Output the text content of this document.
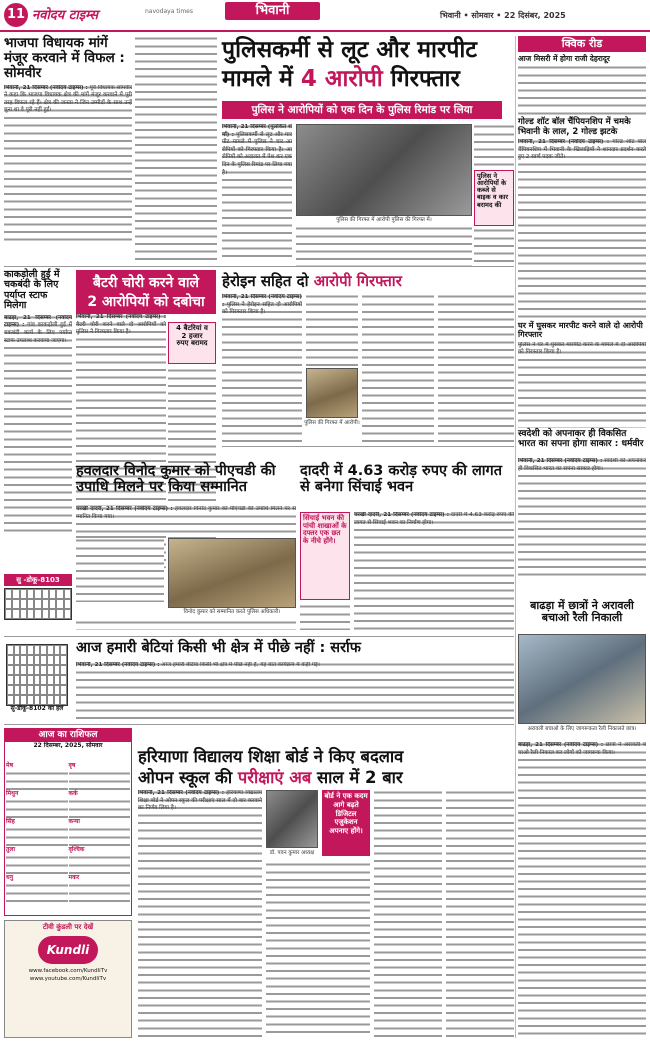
11 नवोदय टाइम्स	navodaya times	भिवानी	भिवानी • सोमवार • 22 दिसंबर, 2025
भाजपा विधायक मांगें मंजूर करवाने में विफल : सोमवीर
भिवानी, 21 दिसम्बर (नवोदय टाइम्स) : पूर्व विधायक सोमवीर ने कहा कि भाजपा विधायक क्षेत्र की मांगें मंजूर करवाने में पूरी तरह विफल रहे हैं। क्षेत्र की जनता ने जिन उम्मीदों के साथ उन्हें चुना था वे पूरी नहीं हुईं।
पुलिसकर्मी से लूट और मारपीट
मामले में 4 आरोपी गिरफ्तार
पुलिस ने आरोपियों को एक दिन के पुलिस रिमांड पर लिया
भिवानी, 21 दिसम्बर (पुलकित शर्मा) : पुलिसकर्मी से लूट और मारपीट मामले में पुलिस ने चार आरोपियों को गिरफ्तार किया है। आरोपियों को अदालत में पेश कर एक दिन के पुलिस रिमांड पर लिया गया है।
पुलिस की गिरफ्त में आरोपी पुलिस की गिरफ्त में।
पुलिस ने आरोपियों के कब्जे से बाइक व कार बरामद की
क्विक रीड
आज मिसरी में होगा राजी देहरादूर
गोल्ड शॉट बॉल चैंपियनशिप में चमके भिवानी के लाल, 2 गोल्ड झटके
भिवानी, 21 दिसम्बर (नवोदय टाइम्स) : गोल्ड शॉट बॉल चैंपियनशिप में भिवानी के खिलाड़ियों ने शानदार प्रदर्शन करते हुए 2 स्वर्ण पदक जीते।
घर में घुसकर मारपीट करने वाले दो आरोपी गिरफ्तार
पुलिस ने घर में घुसकर मारपीट करने के मामले में दो आरोपियों को गिरफ्तार किया है।
काकड़ोली हुई में चकबंदी के लिए पर्याप्त स्टाफ मिलेगा
बाढड़ा, 21 दिसम्बर (नवोदय टाइम्स) : गांव काकड़ोली हुई में चकबंदी कार्य के लिए पर्याप्त स्टाफ उपलब्ध करवाया जाएगा।
बैटरी चोरी करने वाले
2 आरोपियों को दबोचा
भिवानी, 21 दिसम्बर (नवोदय टाइम्स) : बैटरी चोरी करने वाले दो आरोपियों को पुलिस ने गिरफ्तार किया है।
4 बैटरियां व
2 हजार
रुपए बरामद
हेरोइन सहित दो आरोपी गिरफ्तार
भिवानी, 21 दिसम्बर (नवोदय टाइम्स) : पुलिस ने हेरोइन सहित दो आरोपियों को गिरफ्तार किया है।
पुलिस की गिरफ्त में आरोपी।
स्वदेशी को अपनाकर ही विकसित भारत का सपना होगा साकार : धर्मवीर
भिवानी, 21 दिसम्बर (नवोदय टाइम्स) : स्वदेशी को अपनाकर ही विकसित भारत का सपना साकार होगा।
हवलदार विनोद कुमार को पीएचडी की उपाधि मिलने पर किया सम्मानित
चरखी दादरी, 21 दिसम्बर (नवोदय टाइम्स) : हवलदार विनोद कुमार को पीएचडी की उपाधि मिलने पर सम्मानित किया गया।
विनोद कुमार को सम्मानित करते पुलिस अधिकारी।
दादरी में 4.63 करोड़ रुपए की लागत से बनेगा सिंचाई भवन
सिंचाई भवन की पांची शाखाओं के दफ्तर एक छत के नीचे होंगे।
चरखी दादरी, 21 दिसम्बर (नवोदय टाइम्स) : दादरी में 4.63 करोड़ रुपए की लागत से सिंचाई भवन का निर्माण होगा।
सु -डोकू-8103
सु-डोकू-8102 का हल
आज हमारी बेटियां किसी भी क्षेत्र में पीछे नहीं : सर्राफ
भिवानी, 21 दिसम्बर (नवोदय टाइम्स) : आज हमारी बेटियां किसी भी क्षेत्र में पीछे नहीं हैं, यह बात कार्यक्रम में कही गई।
बाढड़ा में छात्रों ने अरावली बचाओ रैली निकाली
अरावली बचाओ के लिए जागरूकता रैली निकालते छात्र।
बाढड़ा, 21 दिसम्बर (नवोदय टाइम्स) : छात्रों ने अरावली बचाओ रैली निकाल कर लोगों को जागरूक किया।
आज का राशिफल
22 दिसम्बर, 2025, सोमवार
मेष	वृष
मिथुन	कर्क
सिंह	कन्या
तुला	वृश्चिक
धनु	मकर
टीवी कुंडली पर देखें
Kundli
www.facebook.com/KundliTv
www.youtube.com/KundliTv
हरियाणा विद्यालय शिक्षा बोर्ड ने किए बदलाव
ओपन स्कूल की परीक्षाएं अब साल में 2 बार
भिवानी, 21 दिसम्बर (नवोदय टाइम्स) : हरियाणा विद्यालय शिक्षा बोर्ड ने ओपन स्कूल की परीक्षाएं साल में दो बार करवाने का निर्णय लिया है।
डॉ. पवन कुमार अध्यक्ष
बोर्ड ने एक कदम आगे बढ़ते डिजिटल एजुकेशन अपनाए होंगे।
